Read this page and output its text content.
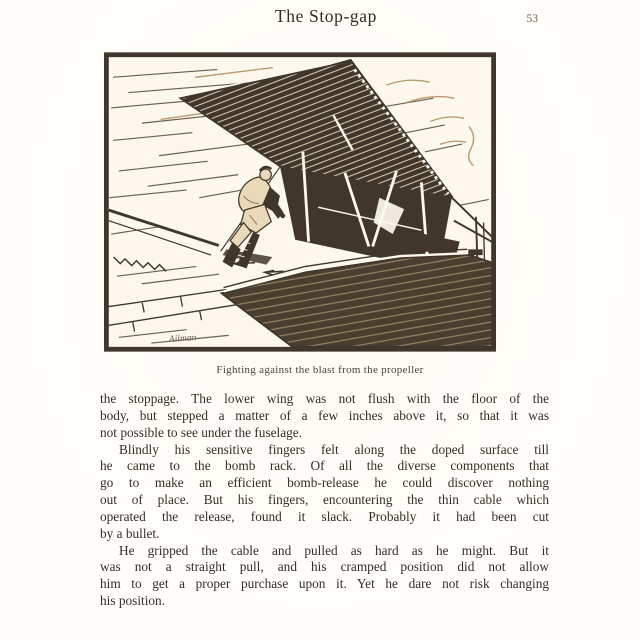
The Stop-gap	53
Ailman
Fighting against the blast from the propeller
the stoppage. The lower wing was not flush with the floor of the
body, but stepped a matter of a few inches above it, so that it was
not possible to see under the fuselage.
Blindly his sensitive fingers felt along the doped surface till
he came to the bomb rack. Of all the diverse components that
go to make an efficient bomb-release he could discover nothing
out of place. But his fingers, encountering the thin cable which
operated the release, found it slack. Probably it had been cut
by a bullet.
He gripped the cable and pulled as hard as he might. But it
was not a straight pull, and his cramped position did not allow
him to get a proper purchase upon it. Yet he dare not risk changing
his position.
